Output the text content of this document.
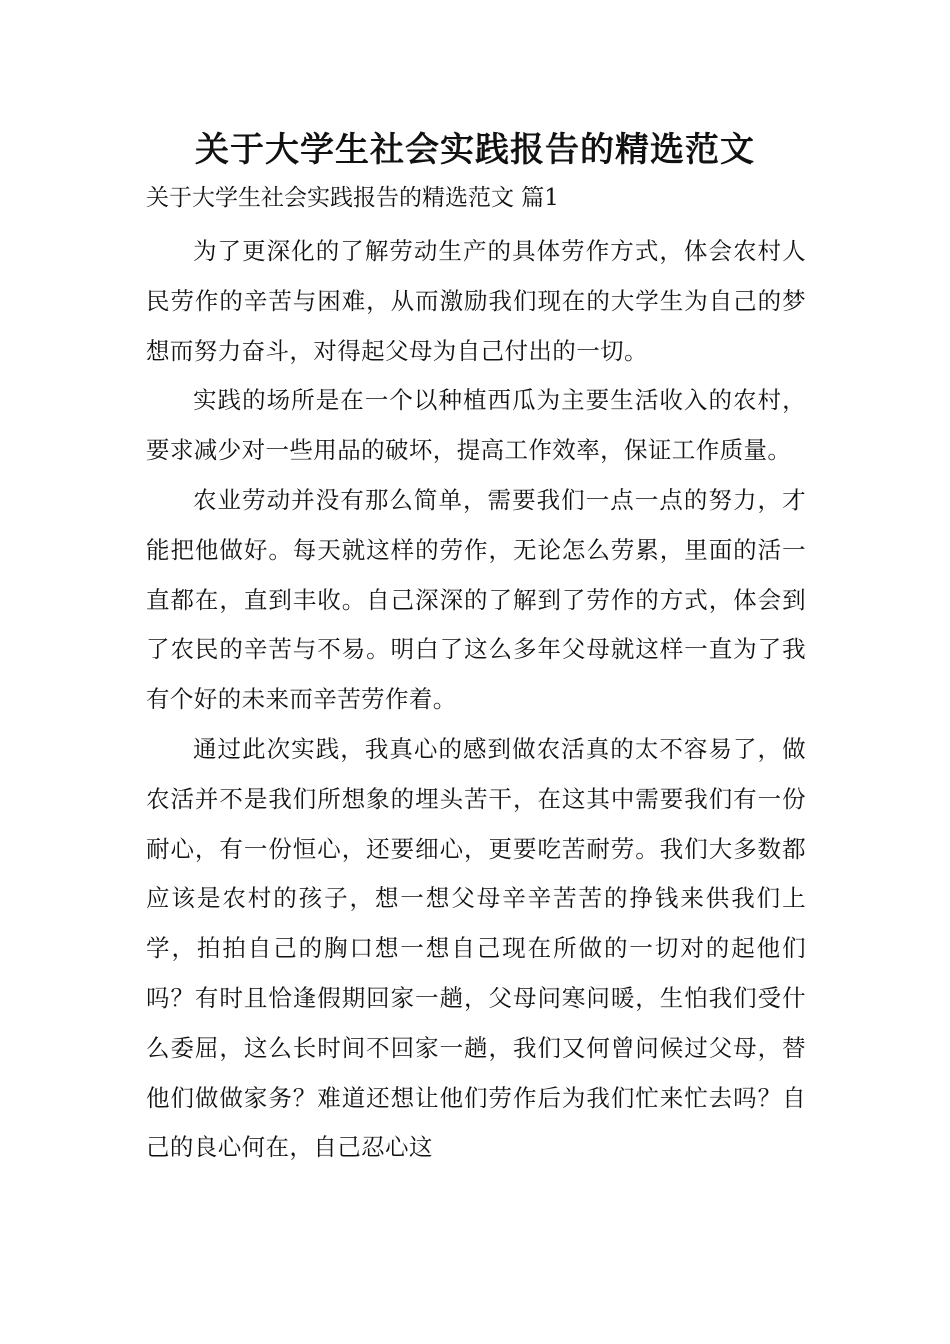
关于大学生社会实践报告的精选范文

关于大学生社会实践报告的精选范文 篇1

为了更深化的了解劳动生产的具体劳作方式，体会农村人民劳作的辛苦与困难，从而激励我们现在的大学生为自己的梦想而努力奋斗，对得起父母为自己付出的一切。

实践的场所是在一个以种植西瓜为主要生活收入的农村，要求减少对一些用品的破坏，提高工作效率，保证工作质量。

农业劳动并没有那么简单，需要我们一点一点的努力，才能把他做好。每天就这样的劳作，无论怎么劳累，里面的活一直都在，直到丰收。自己深深的了解到了劳作的方式，体会到了农民的辛苦与不易。明白了这么多年父母就这样一直为了我有个好的未来而辛苦劳作着。

通过此次实践，我真心的感到做农活真的太不容易了，做农活并不是我们所想象的埋头苦干，在这其中需要我们有一份耐心，有一份恒心，还要细心，更要吃苦耐劳。我们大多数都应该是农村的孩子，想一想父母辛辛苦苦的挣钱来供我们上学，拍拍自己的胸口想一想自己现在所做的一切对的起他们吗？有时且恰逢假期回家一趟，父母问寒问暖，生怕我们受什么委屈，这么长时间不回家一趟，我们又何曾问候过父母，替他们做做家务？难道还想让他们劳作后为我们忙来忙去吗？自己的良心何在，自己忍心这
